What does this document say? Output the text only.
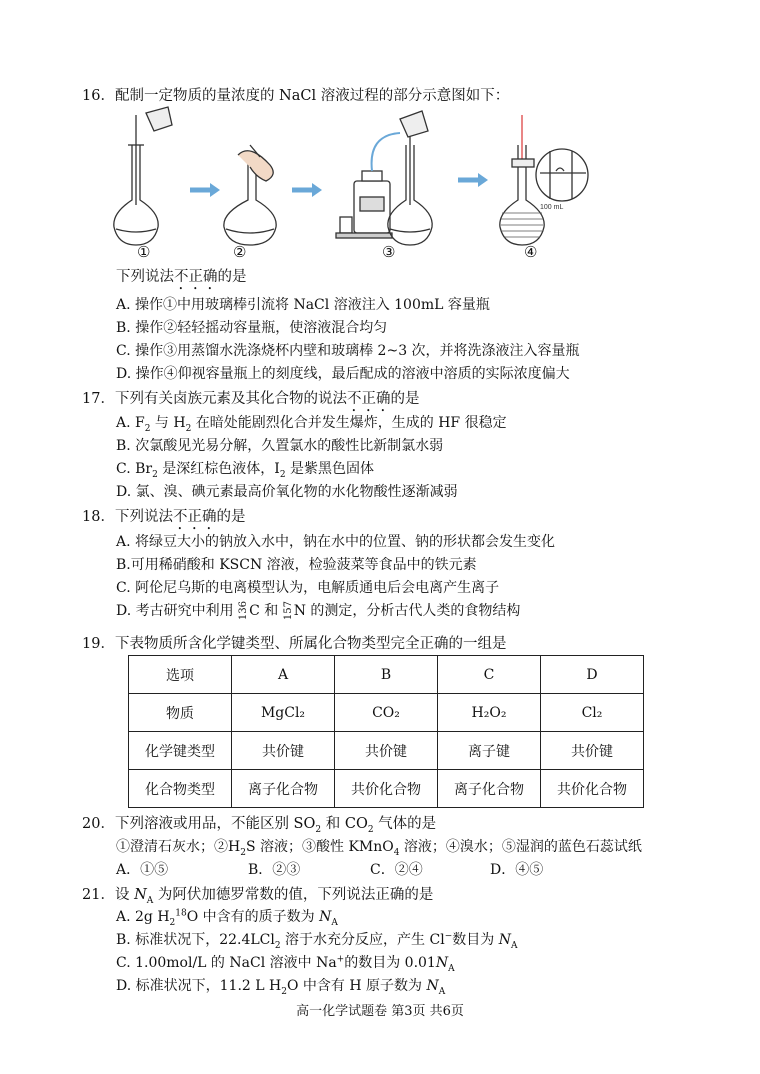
16．配制一定物质的量浓度的 NaCl 溶液过程的部分示意图如下：
100 mL
①	②	③	④
下列说法不正确的是
A. 操作①中用玻璃棒引流将 NaCl 溶液注入 100mL 容量瓶
B. 操作②轻轻摇动容量瓶，使溶液混合均匀
C. 操作③用蒸馏水洗涤烧杯内壁和玻璃棒 2~3 次，并将洗涤液注入容量瓶
D. 操作④仰视容量瓶上的刻度线，最后配成的溶液中溶质的实际浓度偏大
17．下列有关卤族元素及其化合物的说法不正确的是
A. $F_2$ 与 $H_2$ 在暗处能剧烈化合并发生爆炸，生成的 HF 很稳定
B. 次氯酸见光易分解，久置氯水的酸性比新制氯水弱
C. $Br_2$ 是深红棕色液体，$I_2$ 是紫黑色固体
D. 氯、溴、碘元素最高价氧化物的水化物酸性逐渐减弱
18．下列说法不正确的是
A. 将绿豆大小的钠放入水中，钠在水中的位置、钠的形状都会发生变化
B.可用稀硝酸和 KSCN 溶液，检验菠菜等食品中的铁元素
C. 阿伦尼乌斯的电离模型认为，电解质通电后会电离产生离子
D. 考古研究中利用 136C 和 157N 的测定，分析古代人类的食物结构
19．下表物质所含化学键类型、所属化合物类型完全正确的一组是
选项	A	B	C	D
物质	MgCl₂	CO₂	H₂O₂	Cl₂
化学键类型	共价键	共价键	离子键	共价键
化合物类型	离子化合物	共价化合物	离子化合物	共价化合物
20．下列溶液或用品，不能区别 $SO_2$ 和 $CO_2$ 气体的是
①澄清石灰水；$②H_2S$ 溶液；③酸性 KMnO$_4$ 溶液；④溴水；⑤湿润的蓝色石蕊试纸
A．①⑤	B．②③	C．②④	D．④⑤
21．设 $N_A$ 为阿伏加德罗常数的值，下列说法正确的是
A. 2g $H_2^{18}O$ 中含有的质子数为 $N_A$
B. 标准状况下，22.4LCl$_2$ 溶于水充分反应，产生 Cl−数目为 $N_A$
C. 1.00mol/L 的 NaCl 溶液中 Na+的数目为 $0.01N_A$
D. 标准状况下，11.2 L $H_2O$ 中含有 H 原子数为 $N_A$
高一化学试题卷 第3页 共6页
